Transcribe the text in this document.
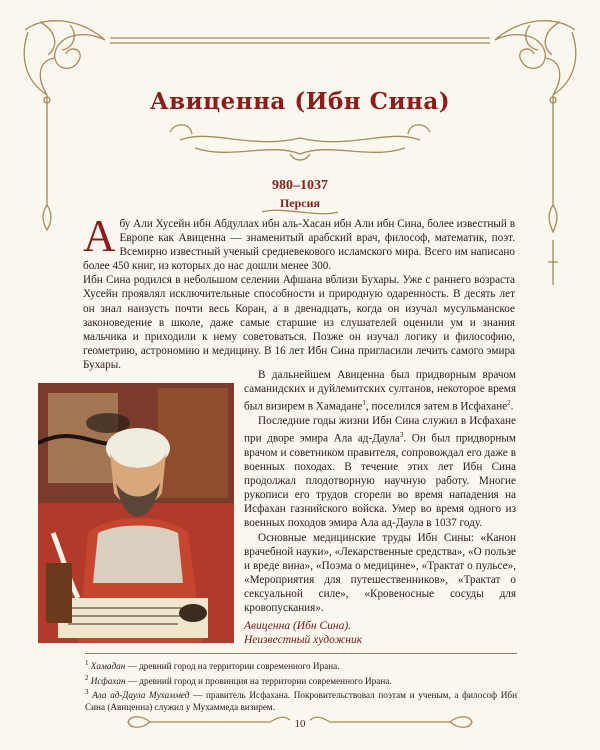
Авиценна (Ибн Сина)
980–1037
Персия
А бу Али Хусейн ибн Абдуллах ибн аль-Хасан ибн Али ибн Сина, более известный в Европе как Авиценна — знаменитый арабский врач, философ, математик, поэт. Всемирно известный ученый средневекового исламского мира. Всего им написано более 450 книг, из которых до нас дошли менее 300.

Ибн Сина родился в небольшом селении Афшана вблизи Бухары. Уже с раннего возраста Хусейн проявлял исключительные способности и природную одаренность. В десять лет он знал наизусть почти весь Коран, а в двенадцать, когда он изучал мусульманское законоведение в школе, даже самые старшие из слушателей оценили ум и знания мальчика и приходили к нему советоваться. Позже он изучал логику и философию, геометрию, астрономию и медицину. В 16 лет Ибн Сина пригласили лечить самого эмира Бухары.

В дальнейшем Авиценна был придворным врачом саманидских и дуйлемитских султанов, некоторое время был визирем в Хамадане$^1$, поселился затем в Исфахане$^2$.

Последние годы жизни Ибн Сина служил в Исфахане при дворе эмира Ала ад-Даула$^3$. Он был придворным врачом и советником правителя, сопровождал его даже в военных походах. В течение этих лет Ибн Сина продолжал плодотворную научную работу. Многие рукописи его трудов сгорели во время нападения на Исфахан газнийского войска. Умер во время одного из военных походов эмира Ала ад-Даула в 1037 году.

Основные медицинские труды Ибн Сины: «Канон врачебной науки», «Лекарственные средства», «О пользе и вреде вина», «Поэма о медицине», «Трактат о пульсе», «Мероприятия для путешественников», «Трактат о сексуальной силе», «Кровеносные сосуды для кровопускания».

Авиценна (Ибн Сина).
Неизвестный художник
$^1$ Хамадан — древний город на территории современного Ирана.
$^2$ Исфахан — древний город и провинция на территории современного Ирана.
$^3$ Ала ад-Даула Мухаммед — правитель Исфахана. Покровительствовал поэтам и ученым, а философ Ибн Сина (Авиценна) служил у Мухаммеда визирем.
10
